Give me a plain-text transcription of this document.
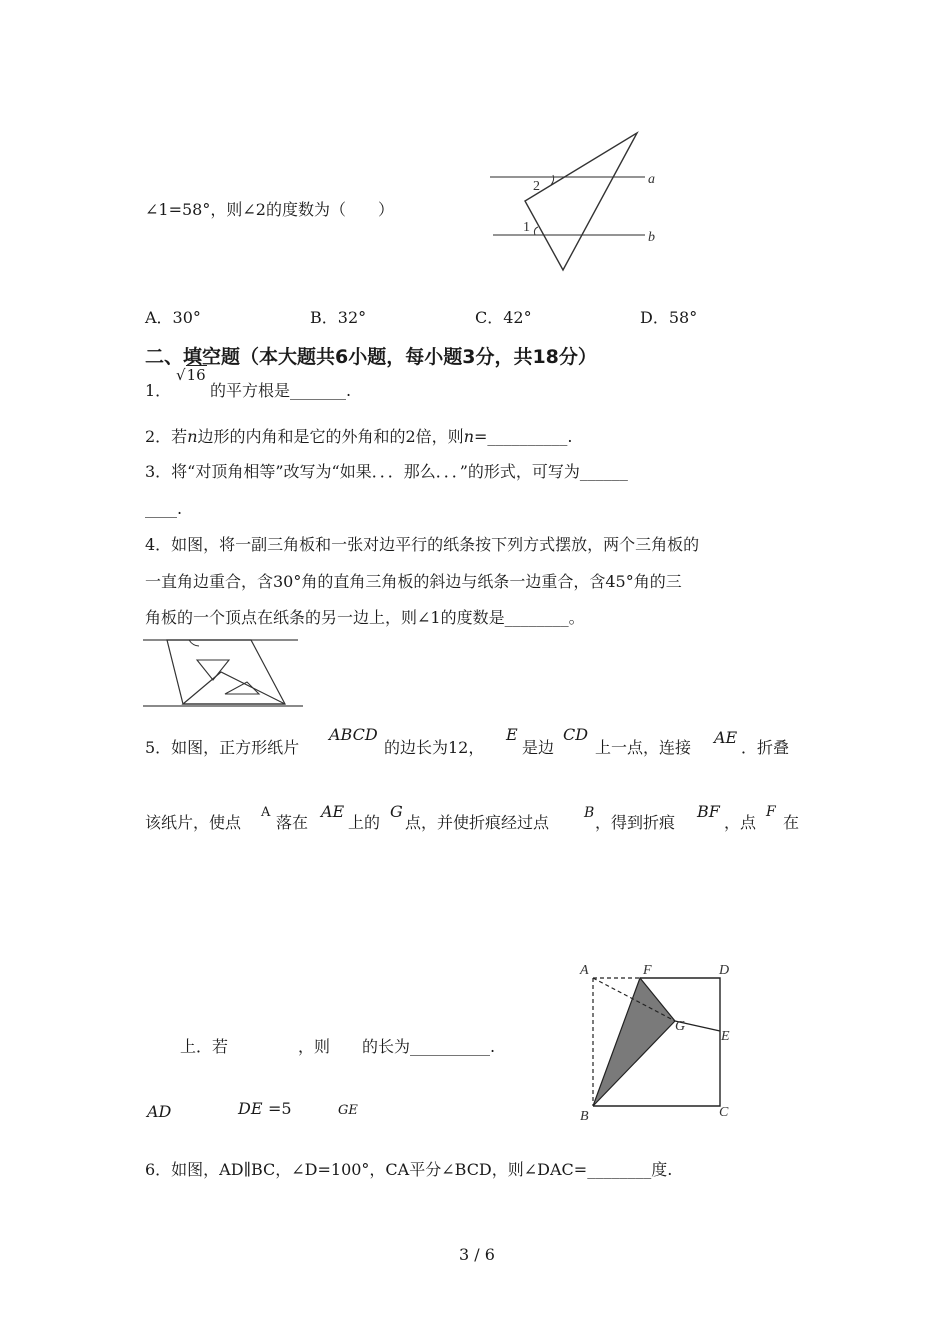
∠1=58°，则∠2的度数为（　　）
a
b
2
1
A．30°	B．32°	C．42°	D．58°
二、填空题（本大题共6小题，每小题3分，共18分）
1．
√16
的平方根是_______.
2．若n边形的内角和是它的外角和的2倍，则n=__________.
3．将“对顶角相等”改写为“如果．．．那么．．．”的形式，可写为______
____.
4．如图，将一副三角板和一张对边平行的纸条按下列方式摆放，两个三角板的
一直角边重合，含30°角的直角三角板的斜边与纸条一边重合，含45°角的三
角板的一个顶点在纸条的另一边上，则∠1的度数是________。
5．如图，正方形纸片
ABCD
的边长为12，
E
是边
CD
上一点，连接
AE
．折叠
该纸片，使点
A
落在
AE
上的
G
点，并使折痕经过点 B ，得到折痕
BF
，点
F
在
上．若	，则 的长为__________.
AD	DE =5	GE
A	F	D
G
E
B	C
6．如图，AD∥BC，∠D=100°，CA平分∠BCD，则∠DAC=________度.
3 / 6
